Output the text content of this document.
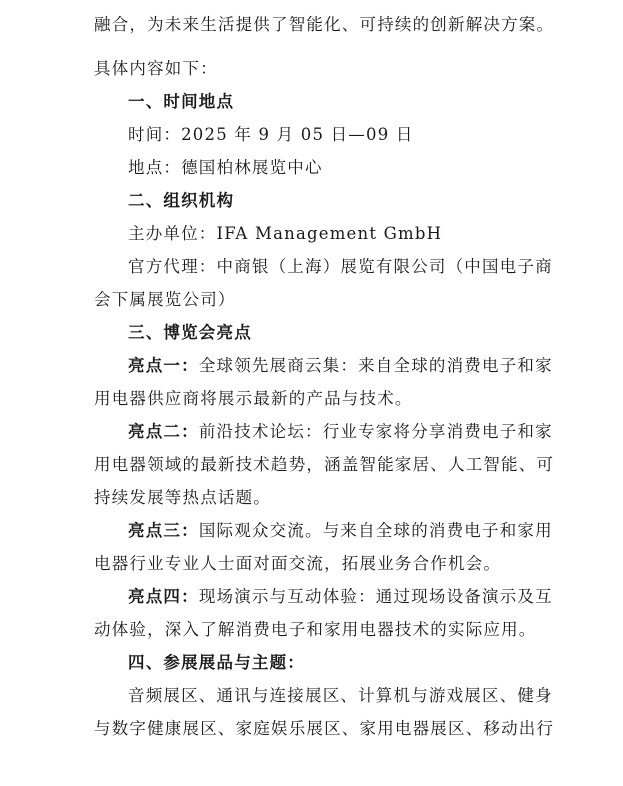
融合，为未来生活提供了智能化、可持续的创新解决方案。
具体内容如下：
一、时间地点
时间：2025 年 9 月 05 日—09 日
地点：德国柏林展览中心
二、组织机构
主办单位：IFA Management GmbH
官方代理：中商银（上海）展览有限公司（中国电子商
会下属展览公司）
三、博览会亮点
亮点一：全球领先展商云集：来自全球的消费电子和家
用电器供应商将展示最新的产品与技术。
亮点二：前沿技术论坛：行业专家将分享消费电子和家
用电器领域的最新技术趋势，涵盖智能家居、人工智能、可
持续发展等热点话题。
亮点三：国际观众交流。与来自全球的消费电子和家用
电器行业专业人士面对面交流，拓展业务合作机会。
亮点四：现场演示与互动体验：通过现场设备演示及互
动体验，深入了解消费电子和家用电器技术的实际应用。
四、参展展品与主题：
音频展区、通讯与连接展区、计算机与游戏展区、健身
与数字健康展区、家庭娱乐展区、家用电器展区、移动出行
